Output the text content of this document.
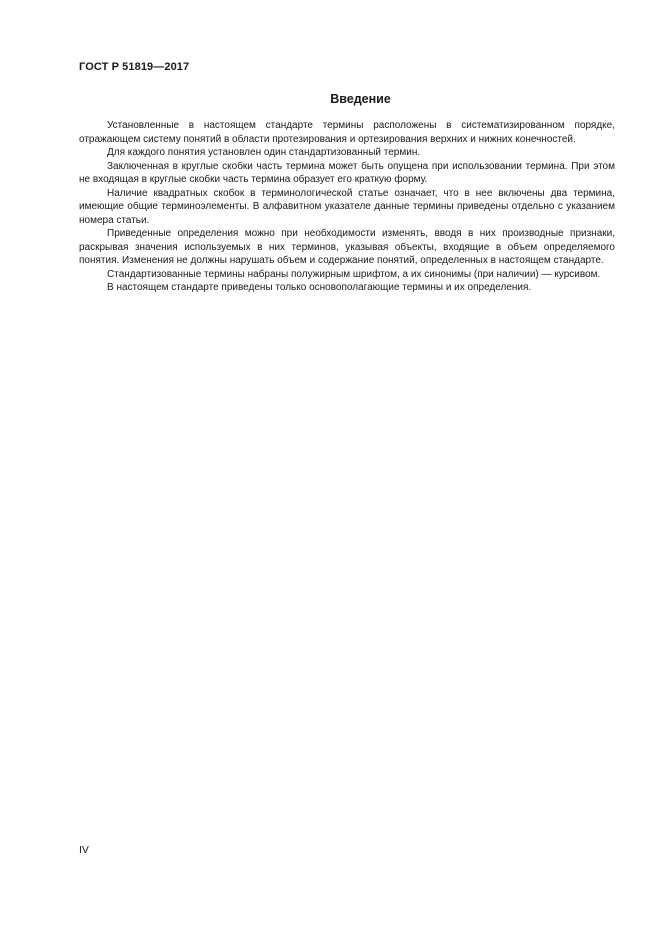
ГОСТ Р 51819—2017
Введение

Установленные в настоящем стандарте термины расположены в систематизированном порядке, отражающем систему понятий в области протезирования и ортезирования верхних и нижних конечностей.

Для каждого понятия установлен один стандартизованный термин.

Заключенная в круглые скобки часть термина может быть опущена при использовании термина. При этом не входящая в круглые скобки часть термина образует его краткую форму.

Наличие квадратных скобок в терминологической статье означает, что в нее включены два термина, имеющие общие терминоэлементы. В алфавитном указателе данные термины приведены отдельно с указанием номера статьи.

Приведенные определения можно при необходимости изменять, вводя в них производные признаки, раскрывая значения используемых в них терминов, указывая объекты, входящие в объем определяемого понятия. Изменения не должны нарушать объем и содержание понятий, определенных в настоящем стандарте.

Стандартизованные термины набраны полужирным шрифтом, а их синонимы (при наличии) — курсивом.

В настоящем стандарте приведены только основополагающие термины и их определения.

IV
